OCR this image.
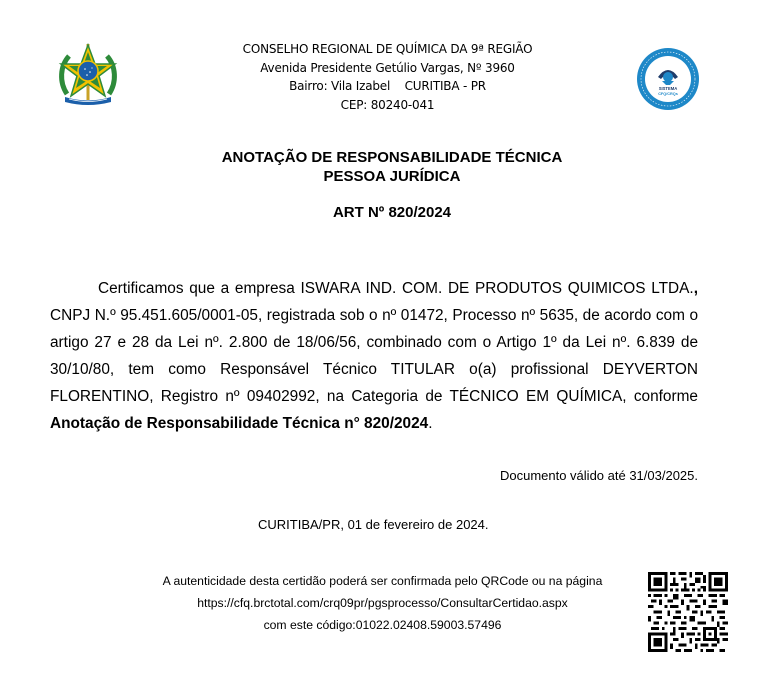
CONSELHO REGIONAL DE QUÍMICA DA 9ª REGIÃO
Avenida Presidente Getúlio Vargas, Nº 3960
Bairro: Vila Izabel    CURITIBA - PR
CEP: 80240-041
SISTEMA
CFQ/CRQs
ANOTAÇÃO DE RESPONSABILIDADE TÉCNICA
PESSOA JURÍDICA
ART Nº 820/2024
Certificamos que a empresa ISWARA IND. COM. DE PRODUTOS QUIMICOS LTDA., CNPJ N.º 95.451.605/0001-05, registrada sob o nº 01472, Processo nº 5635, de acordo com o artigo 27 e 28 da Lei nº. 2.800 de 18/06/56, combinado com o Artigo 1º da Lei nº. 6.839 de 30/10/80, tem como Responsável Técnico TITULAR o(a) profissional DEYVERTON FLORENTINO, Registro nº 09402992, na Categoria de TÉCNICO EM QUÍMICA, conforme Anotação de Responsabilidade Técnica n° 820/2024.
Documento válido até 31/03/2025.
CURITIBA/PR, 01 de fevereiro de 2024.
A autenticidade desta certidão poderá ser confirmada pelo QRCode ou na página
https://cfq.brctotal.com/crq09pr/pgsprocesso/ConsultarCertidao.aspx
com este código:01022.02408.59003.57496
